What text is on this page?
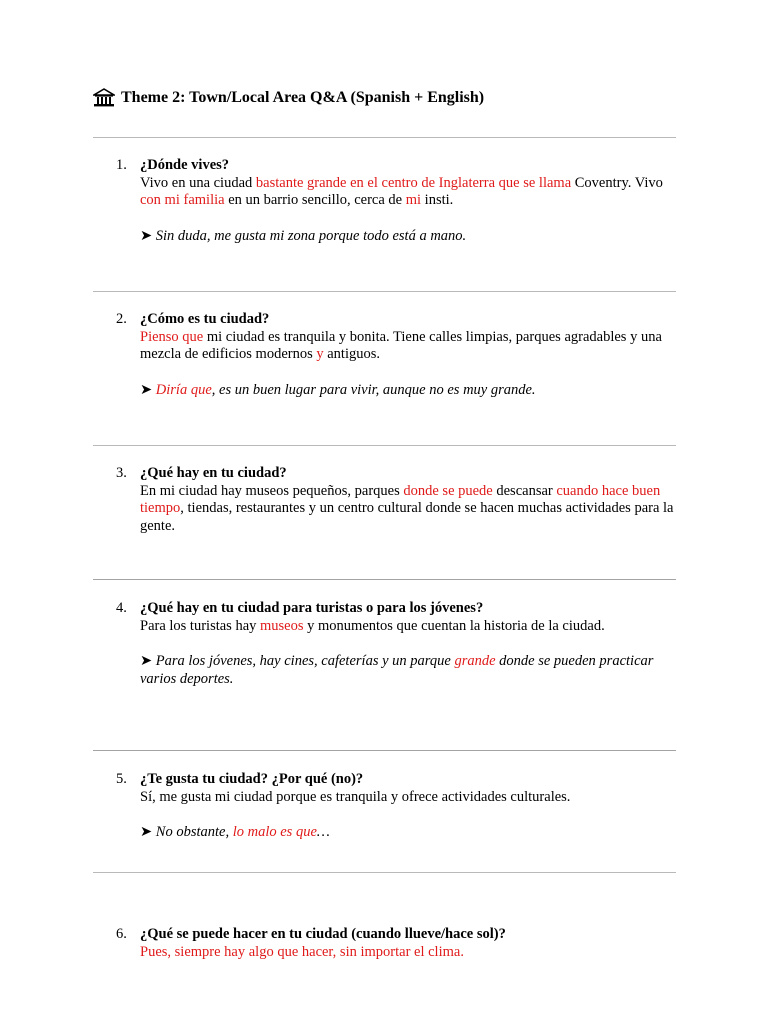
Theme 2: Town/Local Area Q&A (Spanish + English)
1. ¿Dónde vives?
Vivo en una ciudad bastante grande en el centro de Inglaterra que se llama Coventry. Vivo con mi familia en un barrio sencillo, cerca de mi insti.
➤ Sin duda, me gusta mi zona porque todo está a mano.
2. ¿Cómo es tu ciudad?
Pienso que mi ciudad es tranquila y bonita. Tiene calles limpias, parques agradables y una mezcla de edificios modernos y antiguos.
➤ Diría que, es un buen lugar para vivir, aunque no es muy grande.
3. ¿Qué hay en tu ciudad?
En mi ciudad hay museos pequeños, parques donde se puede descansar cuando hace buen tiempo, tiendas, restaurantes y un centro cultural donde se hacen muchas actividades para la gente.
4. ¿Qué hay en tu ciudad para turistas o para los jóvenes?
Para los turistas hay museos y monumentos que cuentan la historia de la ciudad.
➤ Para los jóvenes, hay cines, cafeterías y un parque grande donde se pueden practicar varios deportes.
5. ¿Te gusta tu ciudad? ¿Por qué (no)?
Sí, me gusta mi ciudad porque es tranquila y ofrece actividades culturales.
➤ No obstante, lo malo es que…
6. ¿Qué se puede hacer en tu ciudad (cuando llueve/hace sol)?
Pues, siempre hay algo que hacer, sin importar el clima.
